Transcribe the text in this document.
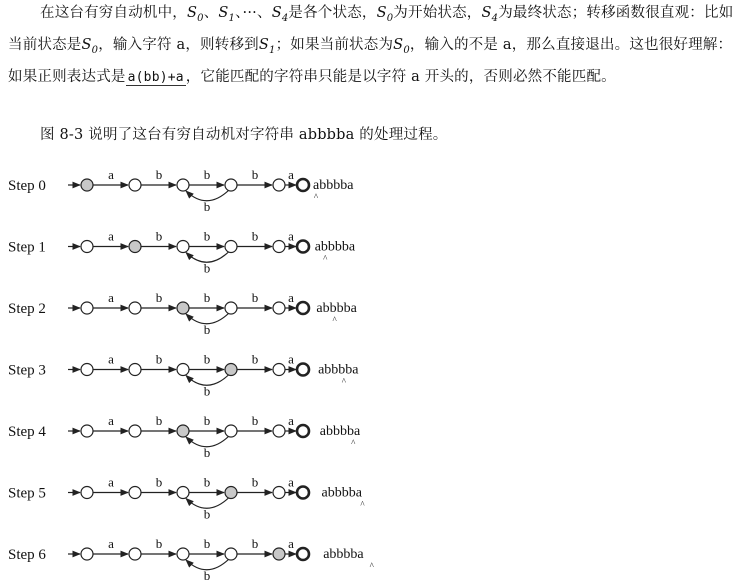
在这台有穷自动机中，$S_0$、$S_1$、···、$S_4$是各个状态，$S_0$为开始状态，$S_4$为最终状态；转移函数很直观：比如当前状态是$S_0$，输入字符 a，则转移到$S_1$；如果当前状态为$S_0$，输入的不是 a，那么直接退出。这也很好理解：如果正则表达式是 a(bb)+a ，它能匹配的字符串只能是以字符 a 开头的，否则必然不能匹配。
图 8-3 说明了这台有穷自动机对字符串 abbbba 的处理过程。
Step 0
a	b	b	b
b
a
abbbba
^
Step 1
a	b	b	b
b
a
abbbba
^
Step 2
a	b	b	b
b
a
abbbba
^
Step 3
a	b	b	b
b
a
abbbba
^
Step 4
a	b	b	b
b
a
abbbba
^
Step 5
a	b	b	b
b
a
abbbba
^
Step 6
a	b	b	b
b
a
abbbba
^
